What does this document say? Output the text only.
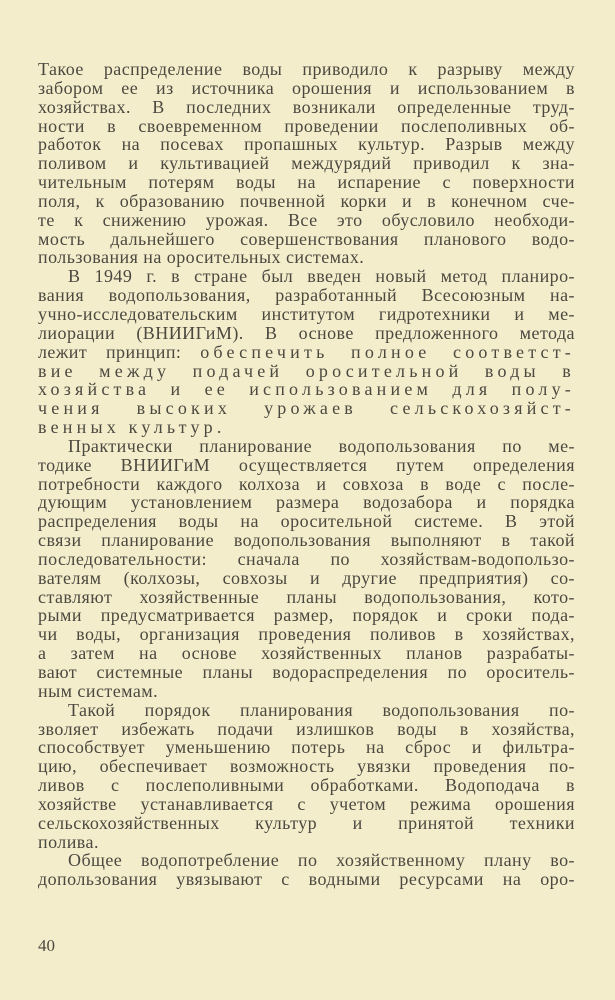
Такое распределение воды приводило к разрыву между
забором ее из источника орошения и использованием в
хозяйствах. В последних возникали определенные труд-
ности в своевременном проведении послеполивных об-
работок на посевах пропашных культур. Разрыв между
поливом и культивацией междурядий приводил к зна-
чительным потерям воды на испарение с поверхности
поля, к образованию почвенной корки и в конечном сче-
те к снижению урожая. Все это обусловило необходи-
мость дальнейшего совершенствования планового водо-
пользования на оросительных системах.
В 1949 г. в стране был введен новый метод планиро-
вания водопользования, разработанный Всесоюзным на-
учно-исследовательским институтом гидротехники и ме-
лиорации (ВНИИГиМ). В основе предложенного метода
лежит принцип: обеспечить полное соответст-
вие между подачей оросительной воды в
хозяйства и ее использованием для полу-
чения высоких урожаев сельскохозяйст-
венных культур.
Практически планирование водопользования по ме-
тодике ВНИИГиМ осуществляется путем определения
потребности каждого колхоза и совхоза в воде с после-
дующим установлением размера водозабора и порядка
распределения воды на оросительной системе. В этой
связи планирование водопользования выполняют в такой
последовательности: сначала по хозяйствам-водопользо-
вателям (колхозы, совхозы и другие предприятия) со-
ставляют хозяйственные планы водопользования, кото-
рыми предусматривается размер, порядок и сроки пода-
чи воды, организация проведения поливов в хозяйствах,
а затем на основе хозяйственных планов разрабаты-
вают системные планы водораспределения по ороситель-
ным системам.
Такой порядок планирования водопользования по-
зволяет избежать подачи излишков воды в хозяйства,
способствует уменьшению потерь на сброс и фильтра-
цию, обеспечивает возможность увязки проведения по-
ливов с послеполивными обработками. Водоподача в
хозяйстве устанавливается с учетом режима орошения
сельскохозяйственных культур и принятой техники
полива.
Общее водопотребление по хозяйственному плану во-
допользования увязывают с водными ресурсами на оро-
40
